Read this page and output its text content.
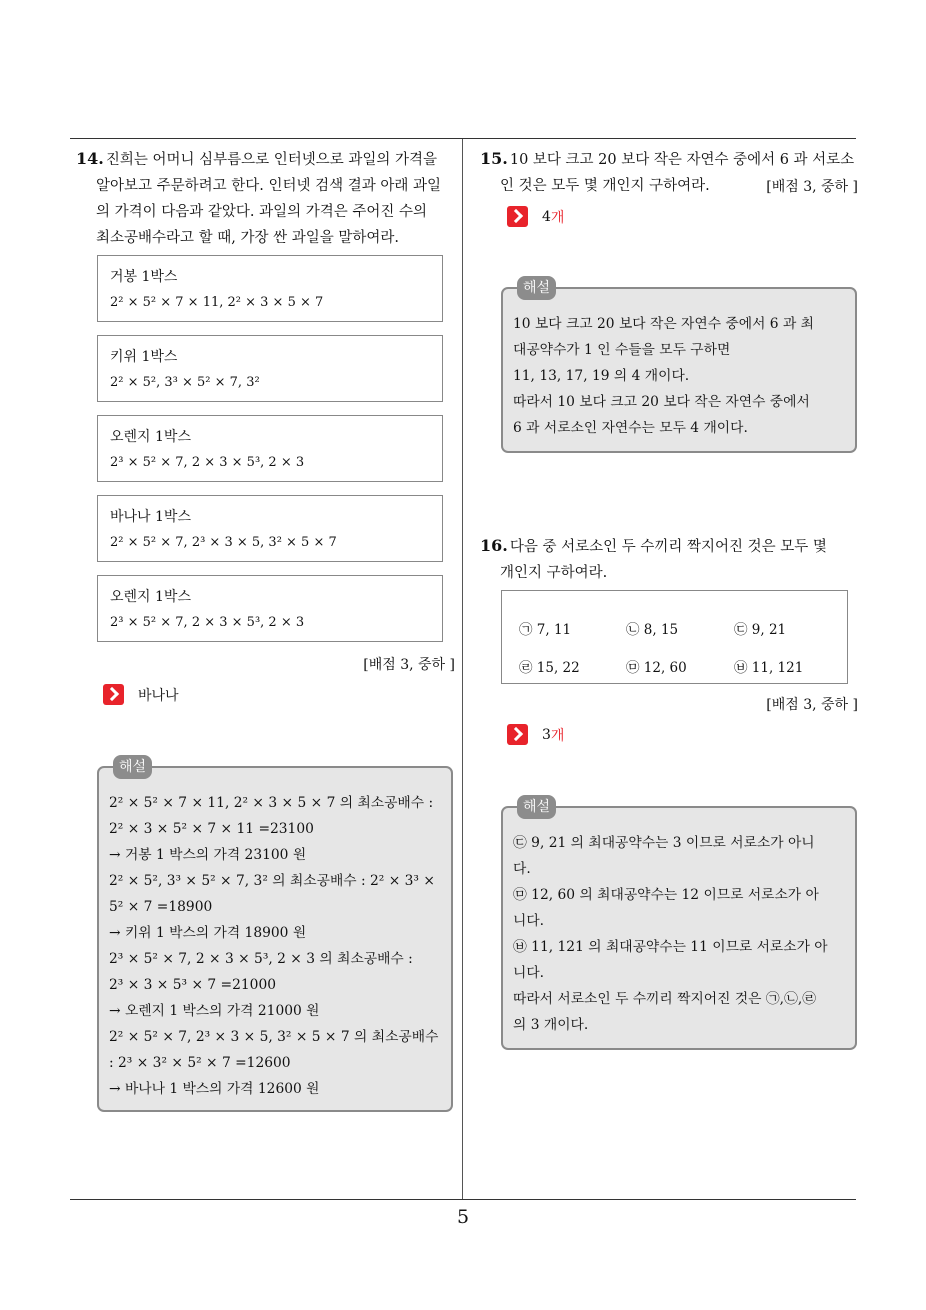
5
14. 진희는 어머니 심부름으로 인터넷으로 과일의 가격을
알아보고 주문하려고 한다. 인터넷 검색 결과 아래 과일
의 가격이 다음과 같았다. 과일의 가격은 주어진 수의
최소공배수라고 할 때, 가장 싼 과일을 말하여라.
거봉 1박스
2² × 5² × 7 × 11, 2² × 3 × 5 × 7
키위 1박스
2² × 5², 3³ × 5² × 7, 3²
오렌지 1박스
2³ × 5² × 7, 2 × 3 × 5³, 2 × 3
바나나 1박스
2² × 5² × 7, 2³ × 3 × 5, 3² × 5 × 7
오렌지 1박스
2³ × 5² × 7, 2 × 3 × 5³, 2 × 3
[배점 3, 중하 ]
바나나
해설
2² × 5² × 7 × 11, 2² × 3 × 5 × 7 의 최소공배수 :
2² × 3 × 5² × 7 × 11 =23100
→ 거봉 1 박스의 가격 23100 원
2² × 5², 3³ × 5² × 7, 3² 의 최소공배수 : 2² × 3³ ×
5² × 7 =18900
→ 키위 1 박스의 가격 18900 원
2³ × 5² × 7, 2 × 3 × 5³, 2 × 3 의 최소공배수 :
2³ × 3 × 5³ × 7 =21000
→ 오렌지 1 박스의 가격 21000 원
2² × 5² × 7, 2³ × 3 × 5, 3² × 5 × 7 의 최소공배수
: 2³ × 3² × 5² × 7 =12600
→ 바나나 1 박스의 가격 12600 원
15. 10 보다 크고 20 보다 작은 자연수 중에서 6 과 서로소
인 것은 모두 몇 개인지 구하여라.	[배점 3, 중하 ]
4 개
해설
10 보다 크고 20 보다 작은 자연수 중에서 6 과 최
대공약수가 1 인 수들을 모두 구하면
11, 13, 17, 19 의 4 개이다.
따라서 10 보다 크고 20 보다 작은 자연수 중에서
6 과 서로소인 자연수는 모두 4 개이다.
16. 다음 중 서로소인 두 수끼리 짝지어진 것은 모두 몇
개인지 구하여라.
㉠ 7, 11	㉡ 8, 15	㉢ 9, 21
㉣ 15, 22	㉤ 12, 60	㉥ 11, 121
[배점 3, 중하 ]
3 개
해설
㉢ 9, 21 의 최대공약수는 3 이므로 서로소가 아니
다.
㉤ 12, 60 의 최대공약수는 12 이므로 서로소가 아
니다.
㉥ 11, 121 의 최대공약수는 11 이므로 서로소가 아
니다.
따라서 서로소인 두 수끼리 짝지어진 것은 ㉠,㉡,㉣
의 3 개이다.
